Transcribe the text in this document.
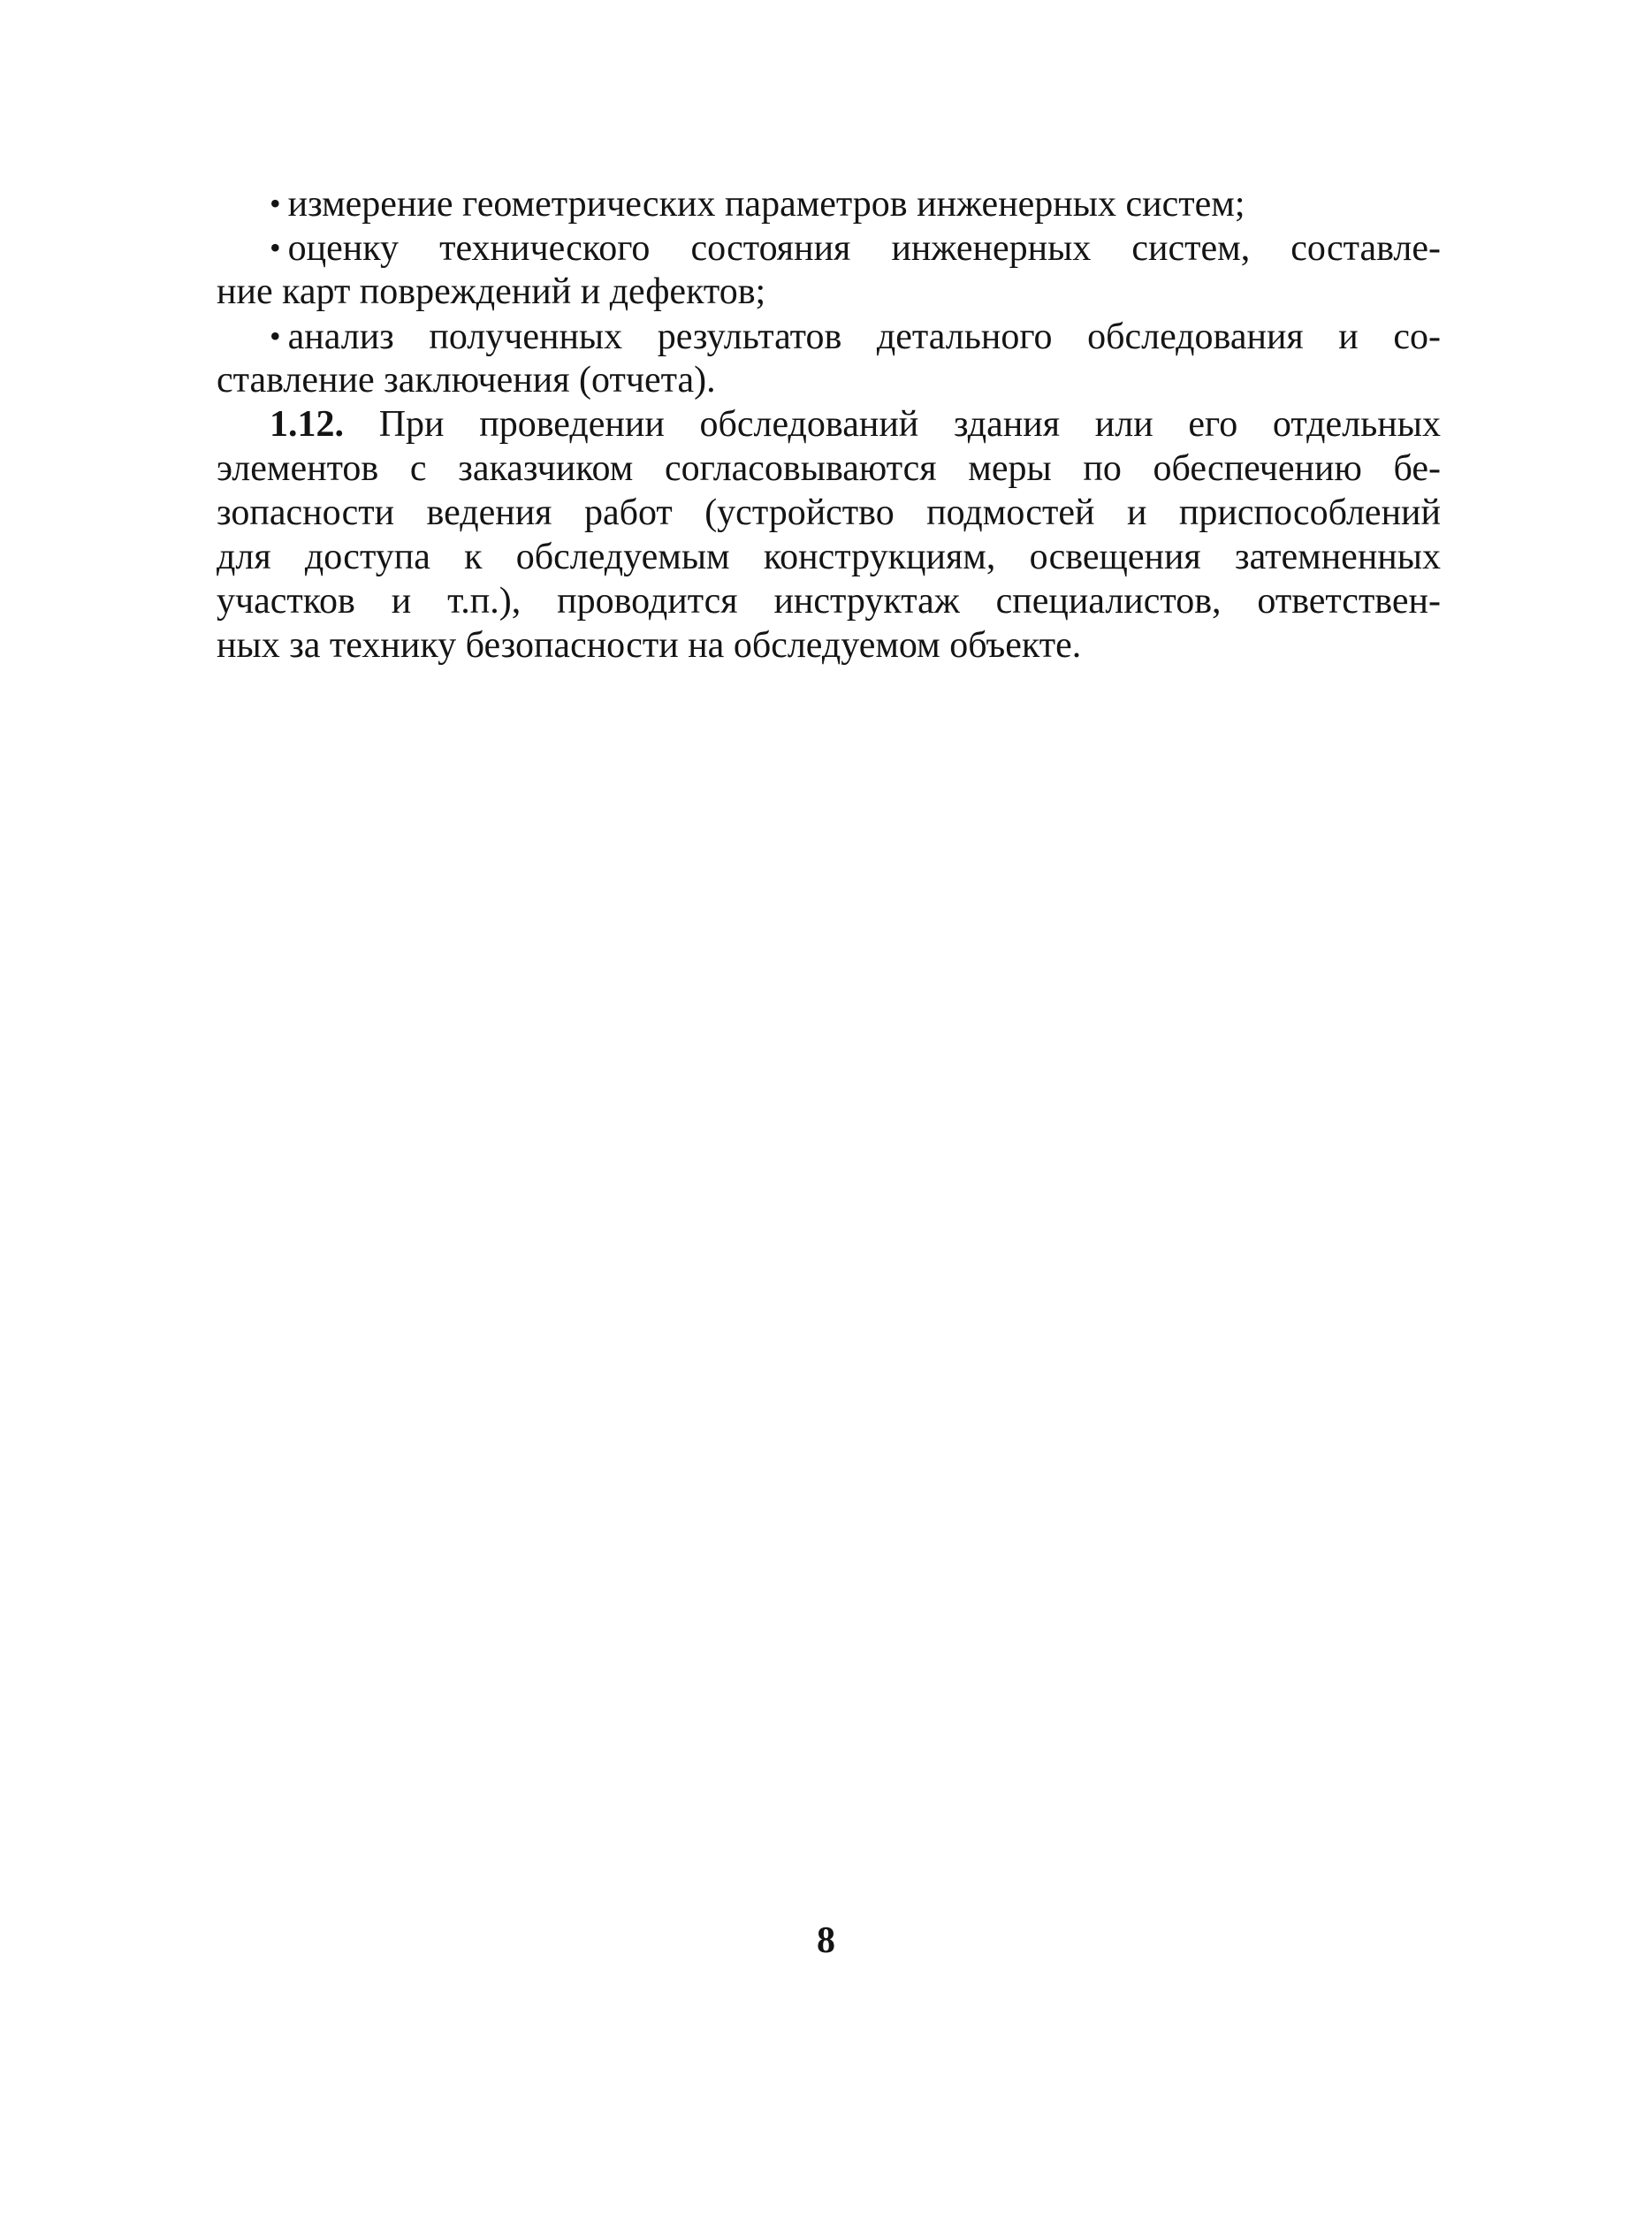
• измерение геометрических параметров инженерных систем;
• оценку технического состояния инженерных систем, составле-
ние карт повреждений и дефектов;
• анализ полученных результатов детального обследования и со-
ставление заключения (отчета).
1.12. При проведении обследований здания или его отдельных
элементов с заказчиком согласовываются меры по обеспечению бе-
зопасности ведения работ (устройство подмостей и приспособлений
для доступа к обследуемым конструкциям, освещения затемненных
участков и т.п.), проводится инструктаж специалистов, ответствен-
ных за технику безопасности на обследуемом объекте.
8
